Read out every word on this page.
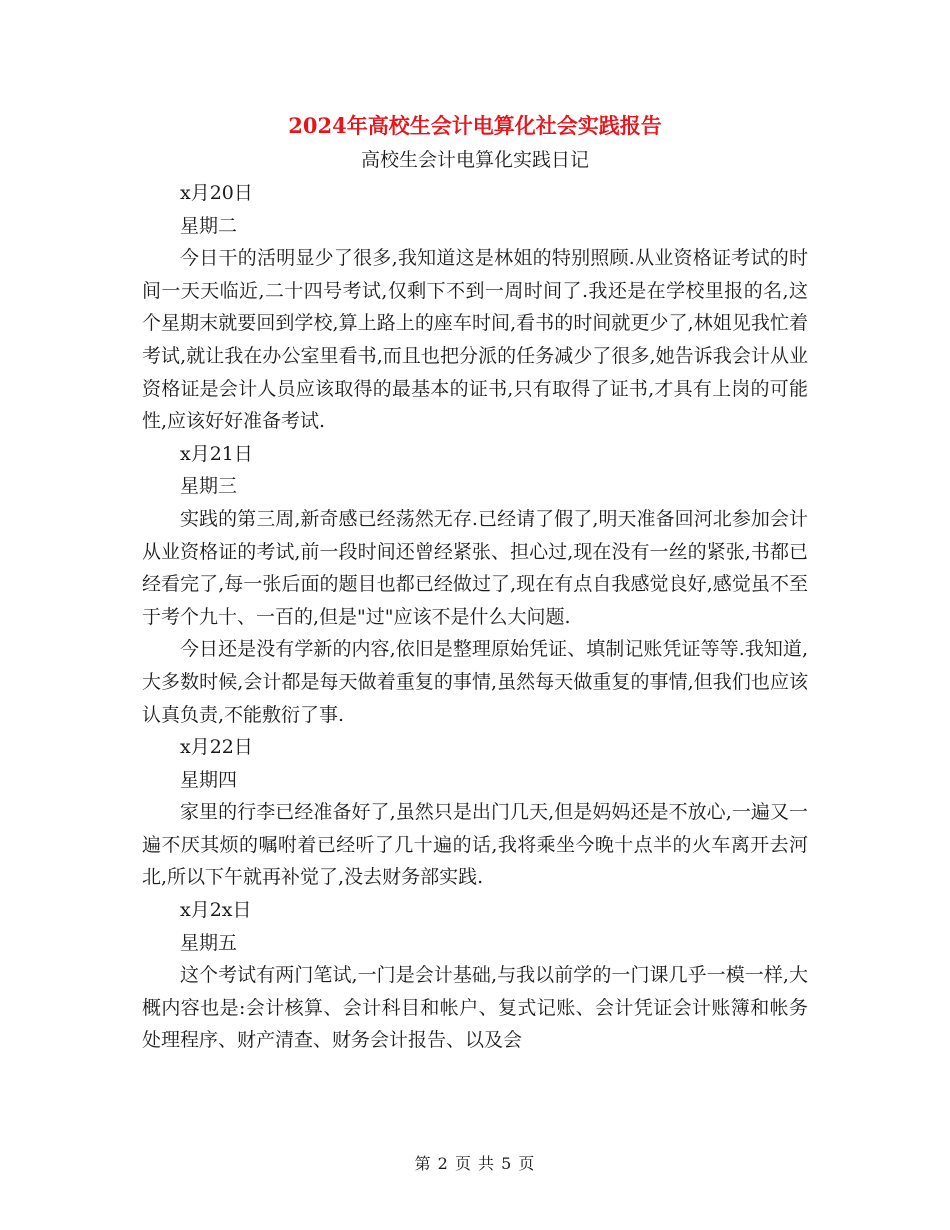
2024年高校生会计电算化社会实践报告
高校生会计电算化实践日记

x月20日

星期二

今日干的活明显少了很多,我知道这是林姐的特别照顾.从业资格证考试的时间一天天临近,二十四号考试,仅剩下不到一周时间了.我还是在学校里报的名,这个星期末就要回到学校,算上路上的座车时间,看书的时间就更少了,林姐见我忙着考试,就让我在办公室里看书,而且也把分派的任务减少了很多,她告诉我会计从业资格证是会计人员应该取得的最基本的证书,只有取得了证书,才具有上岗的可能性,应该好好准备考试.

x月21日

星期三

实践的第三周,新奇感已经荡然无存.已经请了假了,明天准备回河北参加会计从业资格证的考试,前一段时间还曾经紧张、担心过,现在没有一丝的紧张,书都已经看完了,每一张后面的题目也都已经做过了,现在有点自我感觉良好,感觉虽不至于考个九十、一百的,但是"过"应该不是什么大问题.

今日还是没有学新的内容,依旧是整理原始凭证、填制记账凭证等等.我知道,大多数时候,会计都是每天做着重复的事情,虽然每天做重复的事情,但我们也应该认真负责,不能敷衍了事.

x月22日

星期四

家里的行李已经准备好了,虽然只是出门几天,但是妈妈还是不放心,一遍又一遍不厌其烦的嘱咐着已经听了几十遍的话,我将乘坐今晚十点半的火车离开去河北,所以下午就再补觉了,没去财务部实践.

x月2x日

星期五

这个考试有两门笔试,一门是会计基础,与我以前学的一门课几乎一模一样,大概内容也是:会计核算、会计科目和帐户、复式记账、会计凭证会计账簿和帐务处理程序、财产清查、财务会计报告、以及会

第 2 页 共 5 页
